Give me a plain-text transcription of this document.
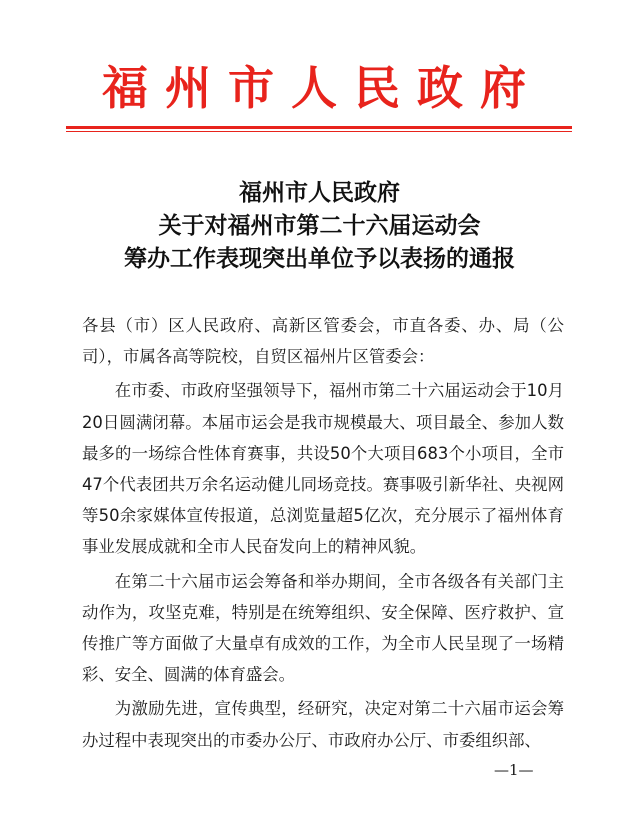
福州市人民政府
福州市人民政府
关于对福州市第二十六届运动会
筹办工作表现突出单位予以表扬的通报

各县（市）区人民政府、高新区管委会，市直各委、办、局（公司），市属各高等院校，自贸区福州片区管委会：

在市委、市政府坚强领导下，福州市第二十六届运动会于10月20日圆满闭幕。本届市运会是我市规模最大、项目最全、参加人数最多的一场综合性体育赛事，共设50个大项目683个小项目，全市47个代表团共万余名运动健儿同场竞技。赛事吸引新华社、央视网等50余家媒体宣传报道，总浏览量超5亿次，充分展示了福州体育事业发展成就和全市人民奋发向上的精神风貌。

在第二十六届市运会筹备和举办期间，全市各级各有关部门主动作为，攻坚克难，特别是在统筹组织、安全保障、医疗救护、宣传推广等方面做了大量卓有成效的工作，为全市人民呈现了一场精彩、安全、圆满的体育盛会。

为激励先进，宣传典型，经研究，决定对第二十六届市运会筹办过程中表现突出的市委办公厅、市政府办公厅、市委组织部、

—1—
